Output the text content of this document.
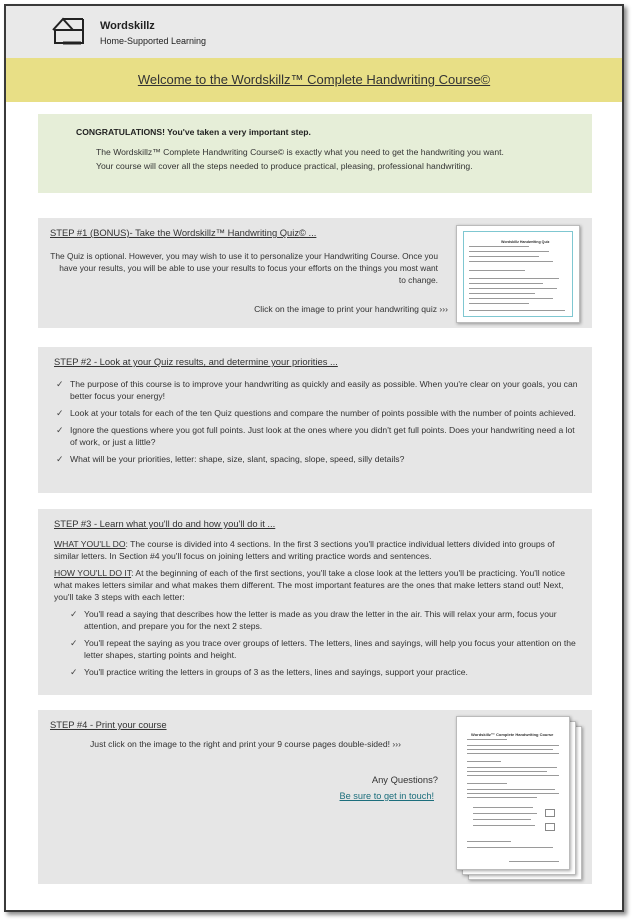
Wordskillz
Home-Supported Learning
Welcome to the Wordskillz™ Complete Handwriting Course©
CONGRATULATIONS! You've taken a very important step.

The Wordskillz™ Complete Handwriting Course© is exactly what you need to get the handwriting you want.

Your course will cover all the steps needed to produce practical, pleasing, professional handwriting.

STEP #1 (BONUS)- Take the Wordskillz™ Handwriting Quiz© ...
The Quiz is optional. However, you may wish to use it to personalize your Handwriting Course. Once you have your results, you will be able to use your results to focus your efforts on the things you most want to change.
Click on the image to print your handwriting quiz ›››
Wordskillz Handwriting Quiz
STEP #2 - Look at your Quiz results, and determine your priorities ...
✓ The purpose of this course is to improve your handwriting as quickly and easily as possible. When you're clear on your goals, you can better focus your energy!
✓ Look at your totals for each of the ten Quiz questions and compare the number of points possible with the number of points achieved.
✓ Ignore the questions where you got full points. Just look at the ones where you didn't get full points. Does your handwriting need a lot of work, or just a little?
✓ What will be your priorities, letter: shape, size, slant, spacing, slope, speed, silly details?
STEP #3 - Learn what you'll do and how you'll do it ...
WHAT YOU'LL DO: The course is divided into 4 sections. In the first 3 sections you'll practice individual letters divided into groups of similar letters. In Section #4 you'll focus on joining letters and writing practice words and sentences.
HOW YOU'LL DO IT: At the beginning of each of the first sections, you'll take a close look at the letters you'll be practicing. You'll notice what makes letters similar and what makes them different. The most important features are the ones that make letters stand out! Next, you'll take 3 steps with each letter:
✓ You'll read a saying that describes how the letter is made as you draw the letter in the air. This will relax your arm, focus your attention, and prepare you for the next 2 steps.
✓ You'll repeat the saying as you trace over groups of letters. The letters, lines and sayings, will help you focus your attention on the letter shapes, starting points and height.
✓ You'll practice writing the letters in groups of 3 as the letters, lines and sayings, support your practice.
STEP #4 - Print your course
Just click on the image to the right and print your 9 course pages double-sided! ›››
Any Questions?
Be sure to get in touch!
Wordskillz™ Complete Handwriting Course
